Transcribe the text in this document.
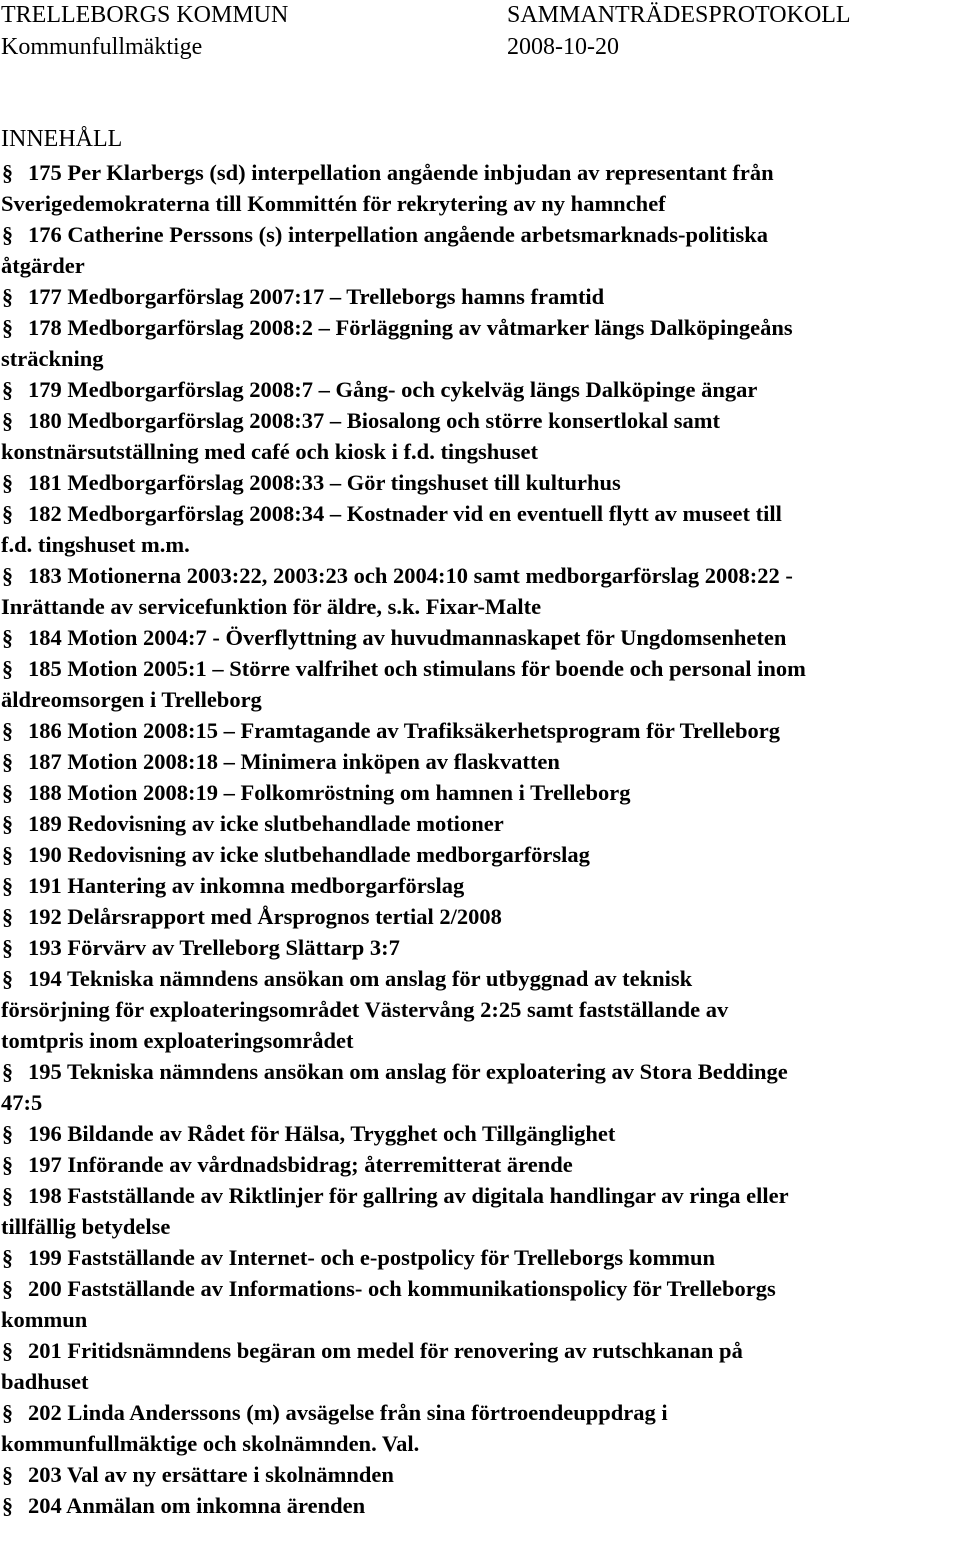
TRELLEBORGS KOMMUN	SAMMANTRÄDESPROTOKOLL
Kommunfullmäktige	2008-10-20
INNEHÅLL
§ 175 Per Klarbergs (sd) interpellation angående inbjudan av representant från
Sverigedemokraterna till Kommittén för rekrytering av ny hamnchef
§ 176 Catherine Perssons (s) interpellation angående arbetsmarknads-politiska
åtgärder
§ 177 Medborgarförslag 2007:17 – Trelleborgs hamns framtid
§ 178 Medborgarförslag 2008:2 – Förläggning av våtmarker längs Dalköpingeåns
sträckning
§ 179 Medborgarförslag 2008:7 – Gång- och cykelväg längs Dalköpinge ängar
§ 180 Medborgarförslag 2008:37 – Biosalong och större konsertlokal samt
konstnärsutställning med café och kiosk i f.d. tingshuset
§ 181 Medborgarförslag 2008:33 – Gör tingshuset till kulturhus
§ 182 Medborgarförslag 2008:34 – Kostnader vid en eventuell flytt av museet till
f.d. tingshuset m.m.
§ 183 Motionerna 2003:22, 2003:23 och 2004:10 samt medborgarförslag 2008:22 -
Inrättande av servicefunktion för äldre, s.k. Fixar-Malte
§ 184 Motion 2004:7 - Överflyttning av huvudmannaskapet för Ungdomsenheten
§ 185 Motion 2005:1 – Större valfrihet och stimulans för boende och personal inom
äldreomsorgen i Trelleborg
§ 186 Motion 2008:15 – Framtagande av Trafiksäkerhetsprogram för Trelleborg
§ 187 Motion 2008:18 – Minimera inköpen av flaskvatten
§ 188 Motion 2008:19 – Folkomröstning om hamnen i Trelleborg
§ 189 Redovisning av icke slutbehandlade motioner
§ 190 Redovisning av icke slutbehandlade medborgarförslag
§ 191 Hantering av inkomna medborgarförslag
§ 192 Delårsrapport med Årsprognos tertial 2/2008
§ 193 Förvärv av Trelleborg Slättarp 3:7
§ 194 Tekniska nämndens ansökan om anslag för utbyggnad av teknisk
försörjning för exploateringsområdet Västervång 2:25 samt fastställande av
tomtpris inom exploateringsområdet
§ 195 Tekniska nämndens ansökan om anslag för exploatering av Stora Beddinge
47:5
§ 196 Bildande av Rådet för Hälsa, Trygghet och Tillgänglighet
§ 197 Införande av vårdnadsbidrag; återremitterat ärende
§ 198 Fastställande av Riktlinjer för gallring av digitala handlingar av ringa eller
tillfällig betydelse
§ 199 Fastställande av Internet- och e-postpolicy för Trelleborgs kommun
§ 200 Fastställande av Informations- och kommunikationspolicy för Trelleborgs
kommun
§ 201 Fritidsnämndens begäran om medel för renovering av rutschkanan på
badhuset
§ 202 Linda Anderssons (m) avsägelse från sina förtroendeuppdrag i
kommunfullmäktige och skolnämnden. Val.
§ 203 Val av ny ersättare i skolnämnden
§ 204 Anmälan om inkomna ärenden
